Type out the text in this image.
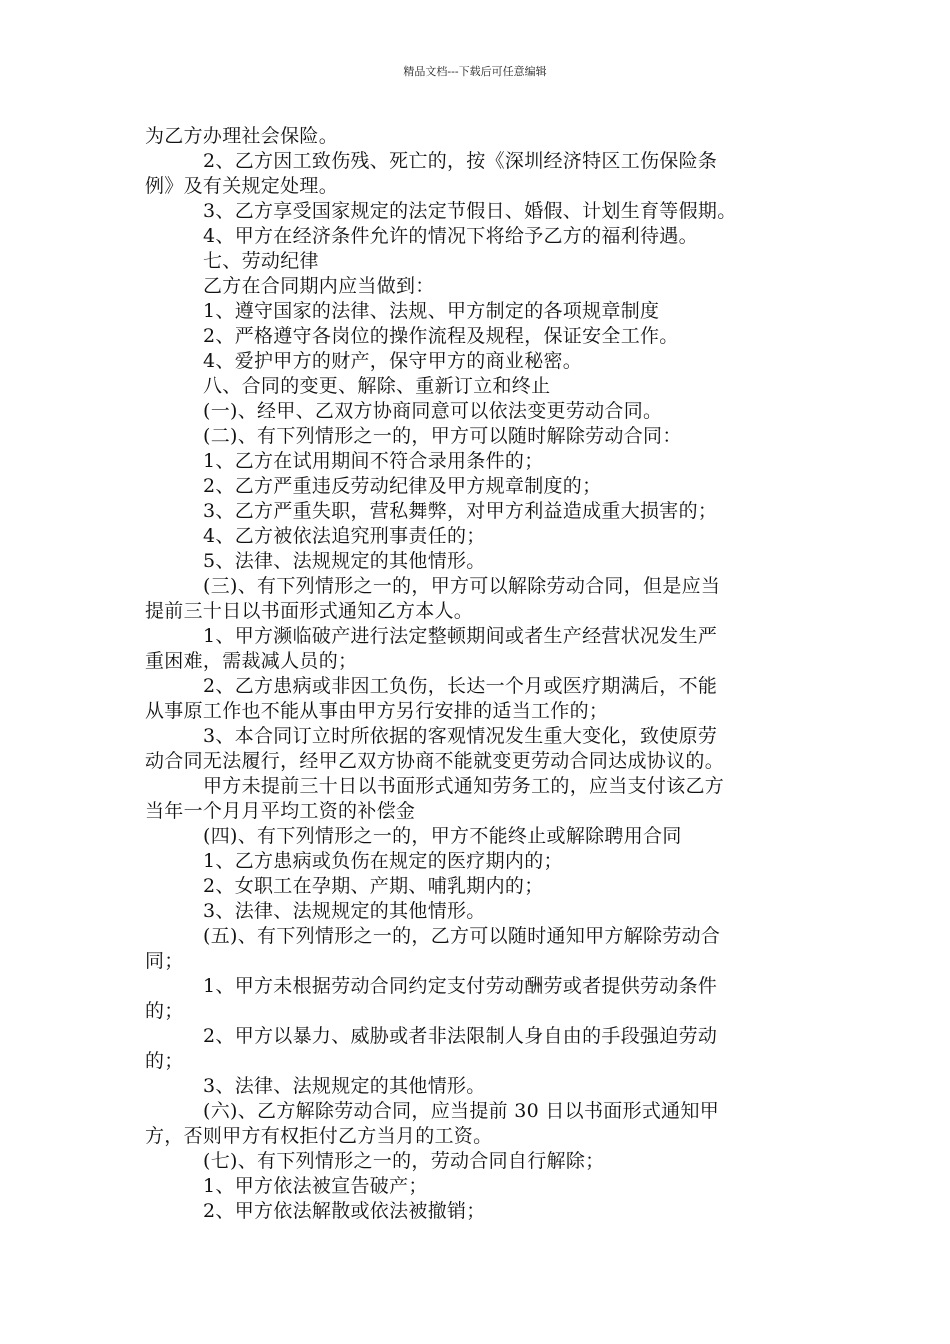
精品文档---下载后可任意编辑
为乙方办理社会保险。
2、乙方因工致伤残、死亡的，按《深圳经济特区工伤保险条
例》及有关规定处理。
3、乙方享受国家规定的法定节假日、婚假、计划生育等假期。
4、甲方在经济条件允许的情况下将给予乙方的福利待遇。
七、劳动纪律
乙方在合同期内应当做到：
1、遵守国家的法律、法规、甲方制定的各项规章制度
2、严格遵守各岗位的操作流程及规程，保证安全工作。
4、爱护甲方的财产，保守甲方的商业秘密。
八、合同的变更、解除、重新订立和终止
(一)、经甲、乙双方协商同意可以依法变更劳动合同。
(二)、有下列情形之一的，甲方可以随时解除劳动合同：
1、乙方在试用期间不符合录用条件的；
2、乙方严重违反劳动纪律及甲方规章制度的；
3、乙方严重失职，营私舞弊，对甲方利益造成重大损害的；
4、乙方被依法追究刑事责任的；
5、法律、法规规定的其他情形。
(三)、有下列情形之一的，甲方可以解除劳动合同，但是应当
提前三十日以书面形式通知乙方本人。
1、甲方濒临破产进行法定整顿期间或者生产经营状况发生严
重困难，需裁减人员的；
2、乙方患病或非因工负伤，长达一个月或医疗期满后，不能
从事原工作也不能从事由甲方另行安排的适当工作的；
3、本合同订立时所依据的客观情况发生重大变化，致使原劳
动合同无法履行，经甲乙双方协商不能就变更劳动合同达成协议的。
甲方未提前三十日以书面形式通知劳务工的，应当支付该乙方
当年一个月月平均工资的补偿金
(四)、有下列情形之一的，甲方不能终止或解除聘用合同
1、乙方患病或负伤在规定的医疗期内的；
2、女职工在孕期、产期、哺乳期内的；
3、法律、法规规定的其他情形。
(五)、有下列情形之一的，乙方可以随时通知甲方解除劳动合
同；
1、甲方未根据劳动合同约定支付劳动酬劳或者提供劳动条件
的；
2、甲方以暴力、威胁或者非法限制人身自由的手段强迫劳动
的；
3、法律、法规规定的其他情形。
(六)、乙方解除劳动合同，应当提前 30 日以书面形式通知甲
方，否则甲方有权拒付乙方当月的工资。
(七)、有下列情形之一的，劳动合同自行解除；
1、甲方依法被宣告破产；
2、甲方依法解散或依法被撤销；
